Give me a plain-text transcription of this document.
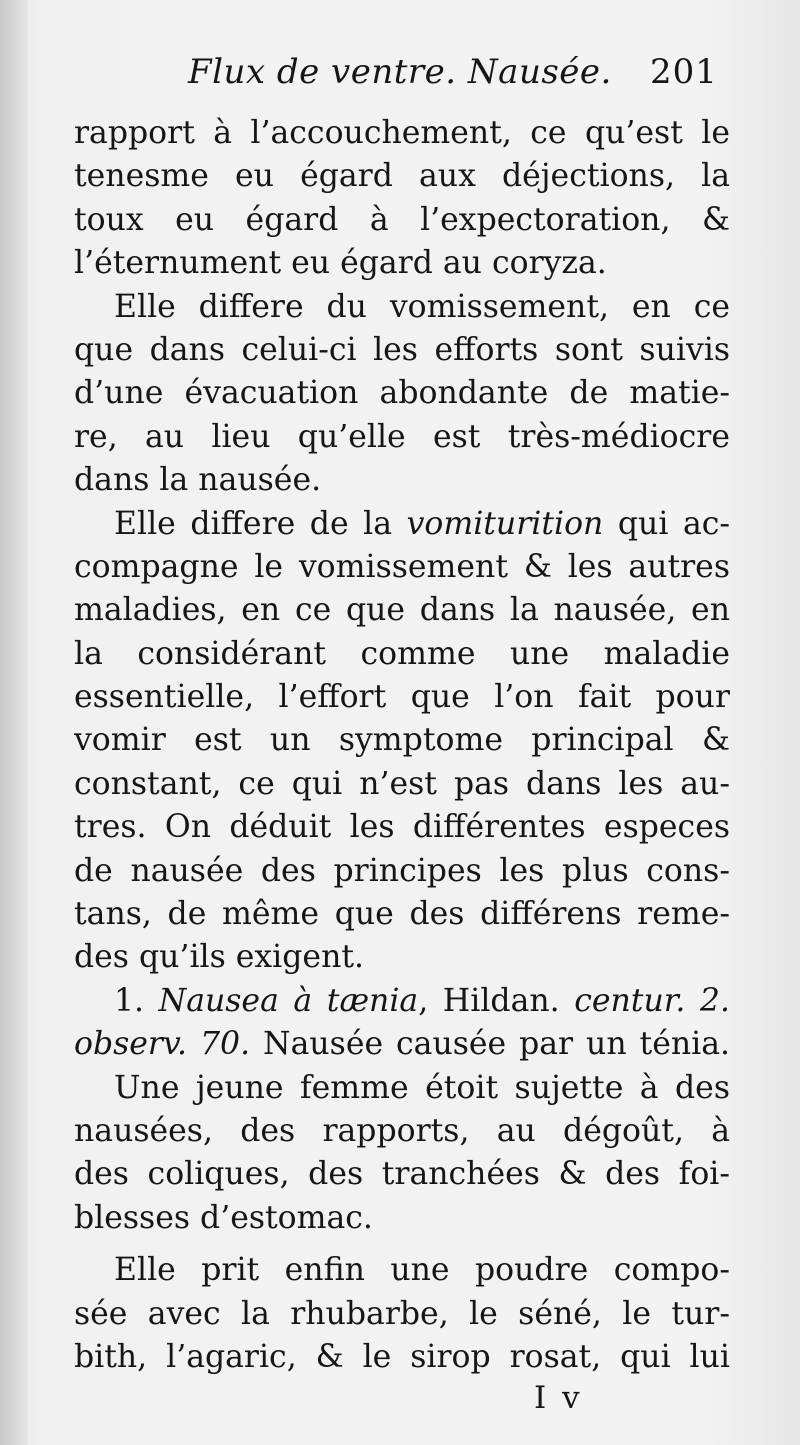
Flux de ventre. Nausée. 201
rapport à l’accouchement, ce qu’est le
tenesme eu égard aux déjections, la
toux eu égard à l’expectoration, &
l’éternument eu égard au coryza.
Elle differe du vomissement, en ce
que dans celui-ci les efforts sont suivis
d’une évacuation abondante de matie-
re, au lieu qu’elle est très-médiocre
dans la nausée.
Elle differe de la vomiturition qui ac-
compagne le vomissement & les autres
maladies, en ce que dans la nausée, en
la considérant comme une maladie
essentielle, l’effort que l’on fait pour
vomir est un symptome principal &
constant, ce qui n’est pas dans les au-
tres. On déduit les différentes especes
de nausée des principes les plus cons-
tans, de même que des différens reme-
des qu’ils exigent.
1. Nausea à tænia, Hildan. centur. 2.
observ. 70. Nausée causée par un ténia.
Une jeune femme étoit sujette à des
nausées, des rapports, au dégoût, à
des coliques, des tranchées & des foi-
blesses d’estomac.
Elle prit enfin une poudre compo-
sée avec la rhubarbe, le séné, le tur-
bith, l’agaric, & le sirop rosat, qui lui
I v
